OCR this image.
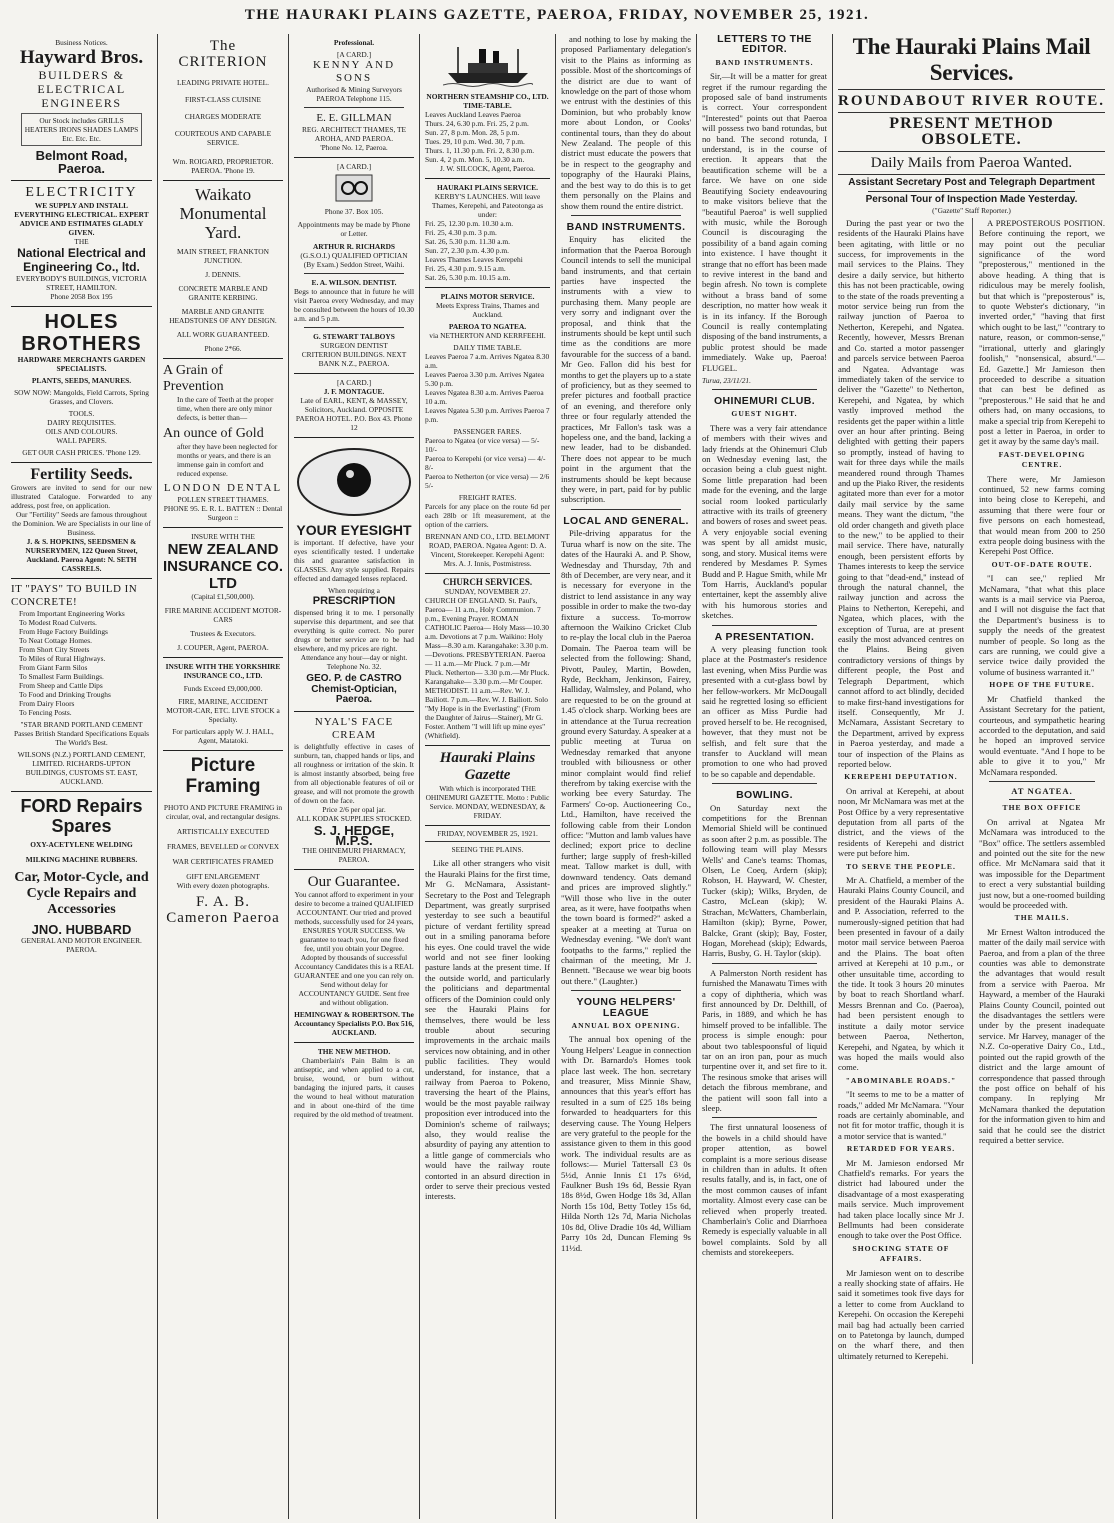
THE HAURAKI PLAINS GAZETTE, PAEROA, FRIDAY, NOVEMBER 25, 1921.
Business Notices.
Hayward Bros.
BUILDERS & ELECTRICAL ENGINEERS
Our Stock includes GRILLS HEATERS IRONS SHADES LAMPS Etc. Etc. Etc.
Belmont Road, Paeroa.
ELECTRICITY
WE SUPPLY AND INSTALL EVERYTHING ELECTRICAL. EXPERT ADVICE AND ESTIMATES GLADLY GIVEN.
THE
National Electrical and Engineering Co., ltd.
EVERYBODY'S BUILDINGS, VICTORIA STREET, HAMILTON.
Phone 2058 Box 195
HOLES BROTHERS
HARDWARE MERCHANTS GARDEN SPECIALISTS.
PLANTS, SEEDS, MANURES.
SOW NOW: Mangolds, Field Carrots, Spring Grasses, and Clovers.
TOOLS.
DAIRY REQUISITES.
OILS AND COLOURS.
WALL PAPERS.
GET OUR CASH PRICES. 'Phone 129.
Fertility Seeds.
Growers are invited to send for our new illustrated Catalogue. Forwarded to any address, post free, on application.
Our "Fertility" Seeds are famous throughout the Dominion. We are Specialists in our line of Business.
J. & S. HOPKINS, SEEDSMEN & NURSERYMEN, 122 Queen Street, Auckland. Paeroa Agent: N. SETH CASSRELS.
IT "PAYS" TO BUILD IN CONCRETE!
From Important Engineering Works
To Modest Road Culverts.
From Huge Factory Buildings
To Neat Cottage Homes.
From Short City Streets
To Miles of Rural Highways.
From Giant Farm Silos
To Smallest Farm Buildings.
From Sheep and Cattle Dips
To Food and Drinking Troughs
From Dairy Floors
To Fencing Posts.
"STAR BRAND PORTLAND CEMENT Passes British Standard Specifications Equals The World's Best.
WILSONS (N.Z.) PORTLAND CEMENT, LIMITED. RICHARDS-UPTON BUILDINGS, CUSTOMS ST. EAST, AUCKLAND.
FORD Repairs Spares
OXY-ACETYLENE WELDING
MILKING MACHINE RUBBERS.
Car, Motor-Cycle, and Cycle Repairs and Accessories
JNO. HUBBARD
GENERAL AND MOTOR ENGINEER. PAEROA.
The CRITERION
LEADING PRIVATE HOTEL.
FIRST-CLASS CUISINE
CHARGES MODERATE
COURTEOUS AND CAPABLE SERVICE.
Wm. ROIGARD, PROPRIETOR. PAEROA. 'Phone 19.
Waikato Monumental Yard.
MAIN STREET, FRANKTON JUNCTION.
J. DENNIS.
CONCRETE MARBLE AND GRANITE KERBING.
MARBLE AND GRANITE HEADSTONES OF ANY DESIGN.
ALL WORK GUARANTEED.
Phone 2*66.
A Grain of Prevention
In the care of Teeth at the proper time, when there are only minor defects, is better than—
An ounce of Gold
after they have been neglected for months or years, and there is an immense gain in comfort and reduced expense.
LONDON DENTAL
POLLEN STREET THAMES.
PHONE 95. E. R. L. BATTEN :: Dental Surgeon ::
INSURE WITH THE
NEW ZEALAND INSURANCE CO. LTD
(Capital £1,500,000).
FIRE MARINE ACCIDENT MOTOR-CARS
Trustees & Executors.
J. COUPER, Agent, PAEROA.
INSURE WITH THE YORKSHIRE INSURANCE CO., LTD.
Funds Exceed £9,000,000.
FIRE, MARINE, ACCIDENT MOTOR-CAR, ETC. LIVE STOCK a Specialty.
For particulars apply W. J. HALL, Agent, Matatoki.
Picture Framing
PHOTO AND PICTURE FRAMING in circular, oval, and rectangular designs.
ARTISTICALLY EXECUTED
FRAMES, BEVELLED or CONVEX
WAR CERTIFICATES FRAMED
GIFT ENLARGEMENT
With every dozen photographs.
F. A. B. Cameron Paeroa
Professional.
[A CARD.]
KENNY AND SONS
Authorised & Mining Surveyors PAEROA Telephone 115.
E. E. GILLMAN
REG. ARCHITECT THAMES, TE AROHA, AND PAEROA.
'Phone No. 12, Paeroa.
[A CARD.]
Phone 37. Box 105.
Appointments may be made by Phone or Letter.
ARTHUR R. RICHARDS
(G.S.O.I.) QUALIFIED OPTICIAN (By Exam.) Seddon Street, Waihi.
E. A. WILSON. DENTIST.
Begs to announce that in future he will visit Paeroa every Wednesday, and may be consulted between the hours of 10.30 a.m. and 5 p.m.
G. STEWART TALBOYS
SURGEON DENTIST
CRITERION BUILDINGS. NEXT BANK N.Z., PAEROA.
[A CARD.]
J. F. MONTAGUE.
Late of EARL, KENT, & MASSEY, Solicitors, Auckland. OPPOSITE PAEROA HOTEL. P.O. Box 43. Phone 12
YOUR EYESIGHT
is important. If defective, have your eyes scientifically tested. I undertake this and guarantee satisfaction in GLASSES. Any style supplied. Repairs effected and damaged lenses replaced.
When requiring a
PRESCRIPTION
dispensed bring it to me. I personally supervise this department, and see that everything is quite correct. No purer drugs or better service are to be had elsewhere, and my prices are right.
Attendance any hour—day or night. Telephone No. 32.
GEO. P. de CASTRO Chemist-Optician, Paeroa.
NYAL'S FACE CREAM
is delightfully effective in cases of sunburn, tan, chapped hands or lips, and all roughness or irritation of the skin. It is almost instantly absorbed, being free from all objectionable features of oil or grease, and will not promote the growth of down on the face.
Price 2/6 per opal jar.
ALL KODAK SUPPLIES STOCKED.
S. J. HEDGE, M.P.S.
THE OHINEMURI PHARMACY, PAEROA.
Our Guarantee.
You cannot afford to experiment in your desire to become a trained QUALIFIED ACCOUNTANT. Our tried and proved methods, successfully used for 24 years, ENSURES YOUR SUCCESS. We guarantee to teach you, for one fixed fee, until you obtain your Degree. Adopted by thousands of successful Accountancy Candidates this is a REAL GUARANTEE and one you can rely on. Send without delay for ACCOUNTANCY GUIDE. Sent free and without obligation.
HEMINGWAY & ROBERTSON. The Accountancy Specialists P.O. Box 516, AUCKLAND.
THE NEW METHOD.

Chamberlain's Pain Balm is an antiseptic, and when applied to a cut, bruise, wound, or burn without bandaging the injured parts, it causes the wound to heal without maturation and in about one-third of the time required by the old method of treatment.

NORTHERN STEAMSHIP CO., LTD.
TIME-TABLE.
Leaves Auckland Leaves Paeroa
Thurs. 24, 6.30 p.m. Fri. 25, 2 p.m.
Sun. 27, 8 p.m. Mon. 28, 5 p.m.
Tues. 29, 10 p.m. Wed. 30, 7 p.m.
Thurs. 1, 11.30 p.m. Fri. 2, 8.30 p.m.
Sun. 4, 2 p.m. Mon. 5, 10.30 a.m.
J. W. SILCOCK, Agent, Paeroa.
HAURAKI PLAINS SERVICE.
KERBY'S LAUNCHES. Will leave Thames, Kerepehi, and Pateotonga as under:
Fri. 25, 12.30 p.m. 10.30 a.m.
Fri. 25, 4.30 p.m. 3 p.m.
Sat. 26, 5.30 p.m. 11.30 a.m.
Sun. 27, 2.30 p.m. 4.30 p.m.
Leaves Thames Leaves Kerepehi
Fri. 25, 4.30 p.m. 9.15 a.m.
Sat. 26, 5.30 p.m. 10.15 a.m.
PLAINS MOTOR SERVICE.
Meets Express Trains, Thames and Auckland.
PAEROA TO NGATEA.
via NETHERTON AND KERRFEEHI.
DAILY TIME TABLE.
Leaves Paeroa 7 a.m. Arrives Ngatea 8.30 a.m.
Leaves Paeroa 3.30 p.m. Arrives Ngatea 5.30 p.m.
Leaves Ngatea 8.30 a.m. Arrives Paeroa 10 a.m.
Leaves Ngatea 5.30 p.m. Arrives Paeroa 7 p.m.
PASSENGER FARES.
Paeroa to Ngatea (or vice versa) — 5/- 10/-
Paeroa to Kerepehi (or vice versa) — 4/- 8/-
Paeroa to Netherton (or vice versa) — 2/6 5/-
FREIGHT RATES.
Parcels for any place on the route 6d per each 28lb or 1ft measurement, at the option of the carriers.
BRENNAN AND CO., LTD. BELMONT ROAD, PAEROA. Ngatea Agent: D. A. Vincent, Storekeeper. Kerepehi Agent: Mrs. A. J. Innis, Postmistress.
CHURCH SERVICES.
SUNDAY, NOVEMBER 27.
CHURCH OF ENGLAND. St. Paul's, Paeroa— 11 a.m., Holy Communion. 7 p.m., Evening Prayer. ROMAN CATHOLIC Paeroa— Holy Mass—10.30 a.m. Devotions at 7 p.m. Waikino: Holy Mass—8.30 a.m. Karangahake: 3.30 p.m.—Devotions. PRESBYTERIAN. Paeroa— 11 a.m.—Mr Pluck. 7 p.m.—Mr Pluck. Netherton— 3.30 p.m.—Mr Pluck. Karangahake— 3.30 p.m.—Mr Couper. METHODIST. 11 a.m.—Rev. W. J. Bailiott. 7 p.m.—Rev. W. J. Bailiott. Solo "My Hope is in the Everlasting" (From the Daughter of Jairus—Stainer), Mr G. Foster. Anthem "I will lift up mine eyes" (Whitfield).
Hauraki Plains Gazette
With which is incorporated THE OHINEMURI GAZETTE. Motto : Public Service. MONDAY, WEDNESDAY, & FRIDAY.
FRIDAY, NOVEMBER 25, 1921.
SEEING THE PLAINS.

Like all other strangers who visit the Hauraki Plains for the first time, Mr G. McNamara, Assistant-Secretary to the Post and Telegraph Department, was greatly surprised yesterday to see such a beautiful picture of verdant fertility spread out in a smiling panorama before his eyes. One could travel the wide world and not see finer looking pasture lands at the present time. If the outside world, and particularly the politicians and departmental officers of the Dominion could only see the Hauraki Plains for themselves, there would be less trouble about securing improvements in the archaic mails services now obtaining, and in other public facilities. They would understand, for instance, that a railway from Paeroa to Pokeno, traversing the heart of the Plains, would be the most payable railway proposition ever introduced into the Dominion's scheme of railways; also, they would realise the absurdity of paying any attention to a little gange of commercials who would have the railway route contorted in an absurd direction in order to serve their precious vested interests.

and nothing to lose by making the proposed Parliamentary delegation's visit to the Plains as informing as possible. Most of the shortcomings of the district are due to want of knowledge on the part of those whom we entrust with the destinies of this Dominion, but who probably know more about London, or Cooks' continental tours, than they do about New Zealand. The people of this district must educate the powers that be in respect to the geography and topography of the Hauraki Plains, and the best way to do this is to get them personally on the Plains and show them round the entire district.

BAND INSTRUMENTS.

Enquiry has elicited the information that the Paeroa Borough Council intends to sell the municipal band instruments, and that certain parties have inspected the instruments with a view to purchasing them. Many people are very sorry and indignant over the proposal, and think that the instruments should be kept until such time as the conditions are more favourable for the success of a band. Mr Geo. Fallon did his best for months to get the players up to a state of proficiency, but as they seemed to prefer pictures and football practice of an evening, and therefore only three or four regularly attended the practices, Mr Fallon's task was a hopeless one, and the band, lacking a new leader, had to be disbanded. There does not appear to be much point in the argument that the instruments should be kept because they were, in part, paid for by public subscription.

LOCAL AND GENERAL.

Pile-driving apparatus for the Turua wharf is now on the site. The dates of the Hauraki A. and P. Show, Wednesday and Thursday, 7th and 8th of December, are very near, and it is necessary for everyone in the district to lend assistance in any way possible in order to make the two-day fixture a success. To-morrow afternoon the Waikino Cricket Club to re-play the local club in the Paeroa Domain. The Paeroa team will be selected from the following: Shand, Pivott, Pauley, Martin, Bowden, Ryde, Beckham, Jenkinson, Fairey, Halliday, Walmsley, and Poland, who are requested to be on the ground at 1.45 o'clock sharp. Working bees are in attendance at the Turua recreation ground every Saturday. A speaker at a public meeting at Turua on Wednesday remarked that anyone troubled with biliousness or other minor complaint would find relief therefrom by taking exercise with the working bee every Saturday. The Farmers' Co-op. Auctioneering Co., Ltd., Hamilton, have received the following cable from their London office: "Mutton and lamb values have declined; export price to decline further; large supply of fresh-killed meat. Tallow market is dull, with downward tendency. Oats demand and prices are improved slightly." "Will those who live in the outer area, as it were, have footpaths when the town board is formed?" asked a speaker at a meeting at Turua on Wednesday evening. "We don't want footpaths to the farms," replied the chairman of the meeting, Mr J. Bennett. "Because we wear big boots out there." (Laughter.)

YOUNG HELPERS' LEAGUE
ANNUAL BOX OPENING.

The annual box opening of the Young Helpers' League in connection with Dr. Barnardo's Homes took place last week. The hon. secretary and treasurer, Miss Minnie Shaw, announces that this year's effort has resulted in a sum of £25 18s being forwarded to headquarters for this deserving cause. The Young Helpers are very grateful to the people for the assistance given to them in this good work. The individual results are as follows:— Muriel Tattersall £3 0s 5½d, Annie Innis £1 17s 6½d, Faulkner Bush 19s 6d, Bessie Ryan 18s 8½d, Gwen Hodge 18s 3d, Allan North 15s 10d, Betty Totley 15s 6d, Hilda North 12s 7d, Maria Nicholas 10s 8d, Olive Dradie 10s 4d, William Parry 10s 2d, Duncan Fleming 9s 11½d.

LETTERS TO THE EDITOR.
BAND INSTRUMENTS.

Sir,—It will be a matter for great regret if the rumour regarding the proposed sale of band instruments is correct. Your correspondent "Interested" points out that Paeroa will possess two band rotundas, but no band. The second rotunda, I understand, is in the course of erection. It appears that the beautification scheme will be a farce. We have on one side Beautifying Society endeavouring to make visitors believe that the "beautiful Paeroa" is well supplied with music, while the Borough Council is discouraging the possibility of a band again coming into existence. I have thought it strange that no effort has been made to revive interest in the band and begin afresh. No town is complete without a brass band of some description, no matter how weak it is in its infancy. If the Borough Council is really contemplating disposing of the band instruments, a public protest should be made immediately. Wake up, Paeroa! FLUGEL.

Turua, 23/11/21.
OHINEMURI CLUB.
GUEST NIGHT.

There was a very fair attendance of members with their wives and lady friends at the Ohinemuri Club on Wednesday evening last, the occasion being a club guest night. Some little preparation had been made for the evening, and the large social room looked particularly attractive with its trails of greenery and bowers of roses and sweet peas. A very enjoyable social evening was spent by all amidst music, song, and story. Musical items were rendered by Mesdames P. Symes Budd and P. Hague Smith, while Mr Tom Harris, Auckland's popular entertainer, kept the assembly alive with his humorous stories and sketches.

A PRESENTATION.

A very pleasing function took place at the Postmaster's residence last evening, when Miss Purdie was presented with a cut-glass bowl by her fellow-workers. Mr McDougall said he regretted losing so efficient an officer as Miss Purdie had proved herself to be. He recognised, however, that they must not be selfish, and felt sure that the transfer to Auckland will mean promotion to one who had proved to be so capable and dependable.

BOWLING.

On Saturday next the competitions for the Brennan Memorial Shield will be continued as soon after 2 p.m. as possible. The following team will play Messrs Wells' and Cane's teams: Thomas, Olsen, Le Coeq, Ardern (skip); Robson, H. Hayward, W. Chester, Tucker (skip); Wilks, Bryden, de Castro, McLean (skip); W. Strachan, McWatters, Chamberlain, Hamilton (skip); Byrne, Power, Balcke, Grant (skip); Bay, Foster, Hogan, Morehead (skip); Edwards, Harris, Busby, G. H. Taylor (skip).

A Palmerston North resident has furnished the Manawatu Times with a copy of diphtheria, which was first announced by Dr. Delthill, of Paris, in 1889, and which he has himself proved to be infallible. The process is simple enough: pour about two tablespoonsful of liquid tar on an iron pan, pour as much turpentine over it, and set fire to it. The resinous smoke that arises will detach the fibrous membrane, and the patient will soon fall into a sleep.

The first unnatural looseness of the bowels in a child should have proper attention, as bowel complaint is a more serious disease in children than in adults. It often results fatally, and is, in fact, one of the most common causes of infant mortality. Almost every case can be relieved when properly treated. Chamberlain's Colic and Diarrhoea Remedy is especially valuable in all bowel complaints. Sold by all chemists and storekeepers.

The Hauraki Plains Mail Services.
ROUNDABOUT RIVER ROUTE.
PRESENT METHOD OBSOLETE.
Daily Mails from Paeroa Wanted.
Assistant Secretary Post and Telegraph Department
Personal Tour of Inspection Made Yesterday.
("Gazette" Staff Reporter.)

During the past year or two the residents of the Hauraki Plains have been agitating, with little or no success, for improvements in the mail services to the Plains. They desire a daily service, but hitherto this has not been practicable, owing to the state of the roads preventing a motor service being run from the railway junction of Paeroa to Netherton, Kerepehi, and Ngatea. Recently, however, Messrs Brenan and Co. started a motor passenger and parcels service between Paeroa and Ngatea. Advantage was immediately taken of the service to deliver the "Gazette" to Netherton, Kerepehi, and Ngatea, by which vastly improved method the residents get the paper within a little over an hour after printing. Being delighted with getting their papers so promptly, instead of having to wait for three days while the mails meandered round through Thames and up the Piako River, the residents agitated more than ever for a motor daily mail service by the same means. They want the dictum, "the old order changeth and giveth place to the new," to be applied to their mail service. There have, naturally enough, been persistent efforts by Thames interests to keep the service going to that "dead-end," instead of through the natural channel, the railway junction and across the Plains to Netherton, Kerepehi, and Ngatea, which places, with the exception of Turua, are at present easily the most advanced centres on the Plains. Being given contradictory versions of things by different people, the Post and Telegraph Department, which cannot afford to act blindly, decided to make first-hand investigations for itself. Consequently, Mr J. McNamara, Assistant Secretary to the Department, arrived by express in Paeroa yesterday, and made a tour of inspection of the Plains as reported below.

KEREPEHI DEPUTATION.

On arrival at Kerepehi, at about noon, Mr McNamara was met at the Post Office by a very representative deputation from all parts of the district, and the views of the residents of Kerepehi and district were put before him.

TO SERVE THE PEOPLE.

Mr A. Chatfield, a member of the Hauraki Plains County Council, and president of the Hauraki Plains A. and P. Association, referred to the numerously-signed petition that had been presented in favour of a daily motor mail service between Paeroa and the Plains. The boat often arrived at Kerepehi at 10 p.m., or other unsuitable time, according to the tide. It took 3 hours 20 minutes by boat to reach Shortland wharf. Messrs Brennan and Co. (Paeroa), had been persistent enough to institute a daily motor service between Paeroa, Netherton, Kerepehi, and Ngatea, by which it was hoped the mails would also come.

"ABOMINABLE ROADS."

"It seems to me to be a matter of roads," added Mr McNamara. "Your roads are certainly abominable, and not fit for motor traffic, though it is a motor service that is wanted."

RETARDED FOR YEARS.

Mr M. Jamieson endorsed Mr Chatfield's remarks. For years the district had laboured under the disadvantage of a most exasperating mails service. Much improvement had taken place locally since Mr J. Bellmunts had been considerate enough to take over the Post Office.

SHOCKING STATE OF AFFAIRS.

Mr Jamieson went on to describe a really shocking state of affairs. He said it sometimes took five days for a letter to come from Auckland to Kerepehi. On occasion the Kerepehi mail bag had actually been carried on to Patetonga by launch, dumped on the wharf there, and then ultimately returned to Kerepehi.

A PREPOSTEROUS POSITION. Before continuing the report, we may point out the peculiar significance of the word "preposterous," mentioned in the above heading. A thing that is ridiculous may be merely foolish, but that which is "preposterous" is, to quote Webster's dictionary, "in inverted order," "having that first which ought to be last," "contrary to nature, reason, or common-sense," "irrational, utterly and glaringly foolish," "nonsensical, absurd."—Ed. Gazette.] Mr Jamieson then proceeded to describe a situation that can best be defined as "preposterous." He said that he and others had, on many occasions, to make a special trip from Kerepehi to post a letter in Paeroa, in order to get it away by the same day's mail.

FAST-DEVELOPING CENTRE.

There were, Mr Jamieson continued, 52 new farms coming into being close to Kerepehi, and assuming that there were four or five persons on each homestead, that would mean from 200 to 250 extra people doing business with the Kerepehi Post Office.

OUT-OF-DATE ROUTE.

"I can see," replied Mr McNamara, "that what this place wants is a mail service via Paeroa, and I will not disguise the fact that the Department's business is to supply the needs of the greatest number of people. So long as the cars are running, we could give a service twice daily provided the volume of business warranted it."

HOPE OF THE FUTURE.

Mr Chatfield thanked the Assistant Secretary for the patient, courteous, and sympathetic hearing accorded to the deputation, and said he hoped an improved service would eventuate. "And I hope to be able to give it to you," Mr McNamara responded.

AT NGATEA.
THE BOX OFFICE

On arrival at Ngatea Mr McNamara was introduced to the "Box" office. The settlers assembled and pointed out the site for the new office. Mr McNamara said that it was impossible for the Department to erect a very substantial building just now, but a one-roomed building would be proceeded with.

THE MAILS.

Mr Ernest Walton introduced the matter of the daily mail service with Paeroa, and from a plan of the three counties was able to demonstrate the advantages that would result from a service with Paeroa. Mr Hayward, a member of the Hauraki Plains County Council, pointed out the disadvantages the settlers were under by the present inadequate service. Mr Harvey, manager of the N.Z. Co-operative Dairy Co., Ltd., pointed out the rapid growth of the district and the large amount of correspondence that passed through the post office on behalf of his company. In replying Mr McNamara thanked the deputation for the information given to him and said that he could see the district required a better service.
